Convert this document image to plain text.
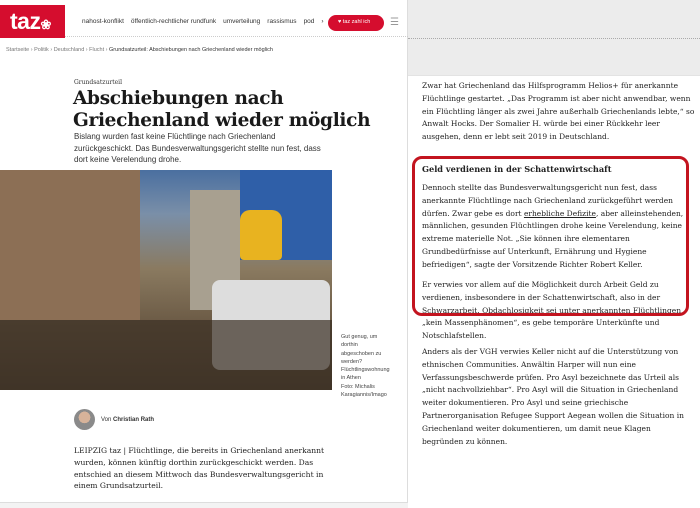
taz❀	nahost-konflikt öffentlich-rechtlicher rundfunk umverteilung rassismus pod ›	♥ taz zahl ich	☰
Startseite › Politik › Deutschland › Flucht › Grundsatzurteil: Abschiebungen nach Griechenland wieder möglich
Grundsatzurteil
Abschiebungen nach
Griechenland wieder möglich
Bislang wurden fast keine Flüchtlinge nach Griechenland
zurückgeschickt. Das Bundesverwaltungsgericht stellte nun fest, dass
dort keine Verelendung drohe.
Gut genug, um
dorthin
abgeschoben zu
werden?
Flüchtlingswohnung
in Athen
Foto: Michalis
Karagiannis/Imago
Von Christian Rath
LEIPZIG taz | Flüchtlinge, die bereits in Griechenland anerkannt
wurden, können künftig dorthin zurückgeschickt werden. Das
entschied an diesem Mittwoch das Bundesverwaltungsgericht in
einem Grundsatzurteil.
Zwar hat Griechenland das Hilfsprogramm Helios+ für anerkannte
Flüchtlinge gestartet. „Das Programm ist aber nicht anwendbar, wenn
ein Flüchtling länger als zwei Jahre außerhalb Griechenlands lebte,“ so
Anwalt Hocks. Der Somalier H. würde bei einer Rückkehr leer
ausgehen, denn er lebt seit 2019 in Deutschland.
Geld verdienen in der Schattenwirtschaft
Dennoch stellte das Bundesverwaltungsgericht nun fest, dass
anerkannte Flüchtlinge nach Griechenland zurückgeführt werden
dürfen. Zwar gebe es dort erhebliche Defizite, aber alleinstehenden,
männlichen, gesunden Flüchtlingen drohe keine Verelendung, keine
extreme materielle Not. „Sie können ihre elementaren
Grundbedürfnisse auf Unterkunft, Ernährung und Hygiene
befriedigen“, sagte der Vorsitzende Richter Robert Keller.
Er verwies vor allem auf die Möglichkeit durch Arbeit Geld zu
verdienen, insbesondere in der Schattenwirtschaft, also in der
Schwarzarbeit. Obdachlosigkeit sei unter anerkannten Flüchtlingen
„kein Massenphänomen“, es gebe temporäre Unterkünfte und
Notschlafstellen.
Anders als der VGH verwies Keller nicht auf die Unterstützung von
ethnischen Communities. Anwältin Harper will nun eine
Verfassungsbeschwerde prüfen. Pro Asyl bezeichnete das Urteil als
„nicht nachvollziehbar“. Pro Asyl will die Situation in Griechenland
weiter dokumentieren. Pro Asyl und seine griechische
Partnerorganisation Refugee Support Aegean wollen die Situation in
Griechenland weiter dokumentieren, um damit neue Klagen
begründen zu können.
